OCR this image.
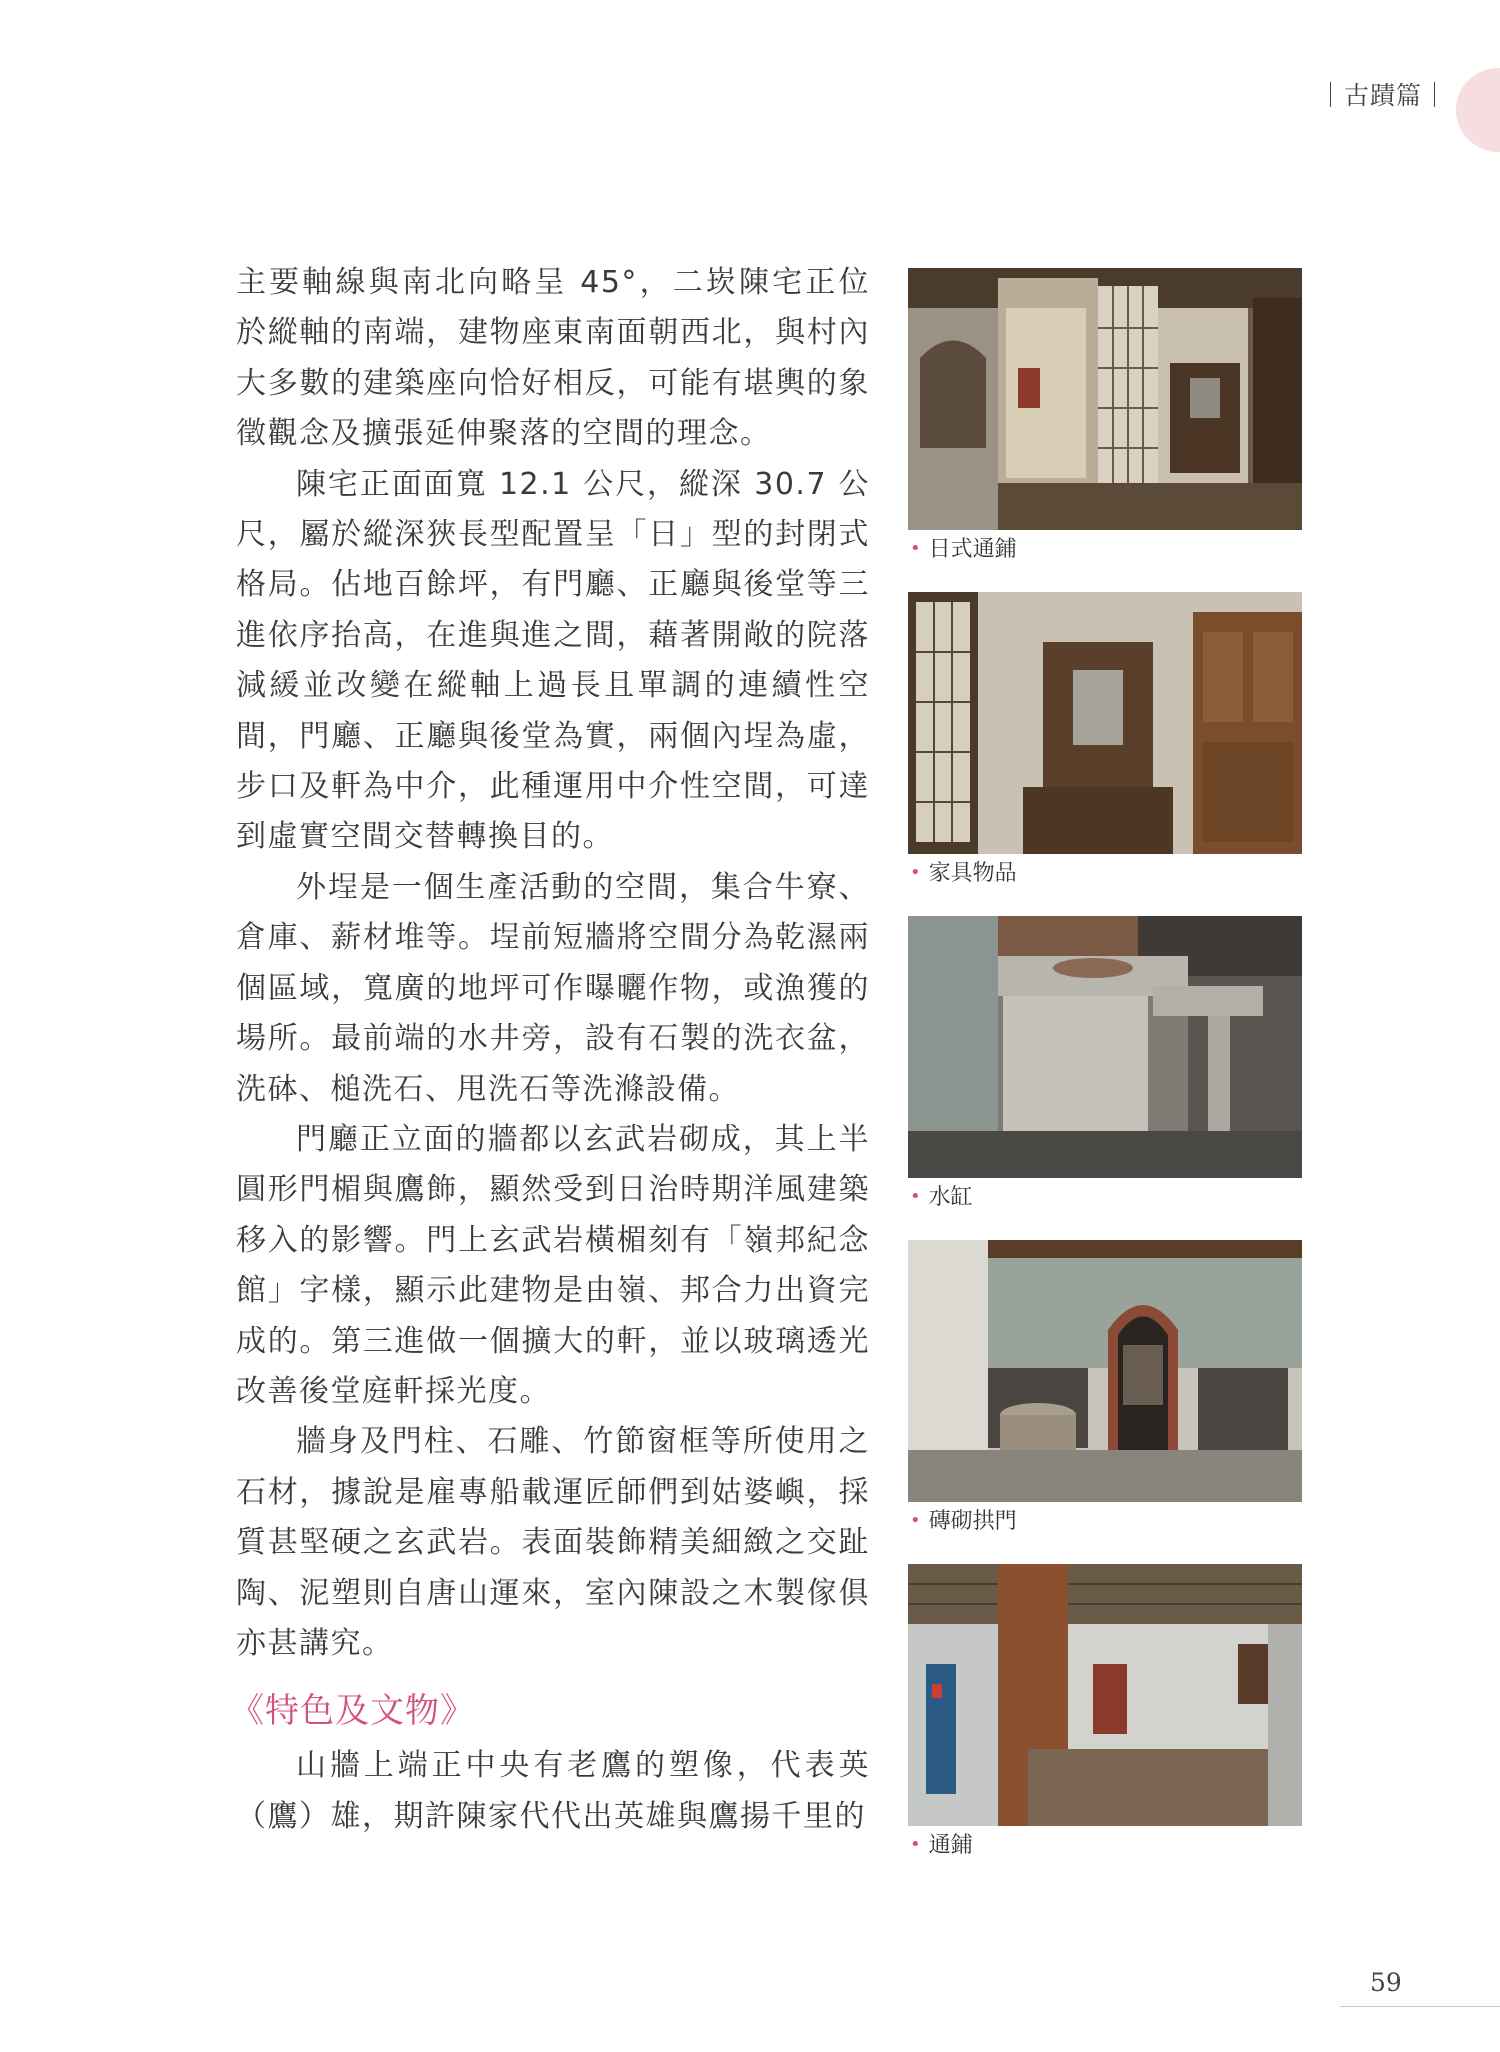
｜古蹟篇｜

主要軸線與南北向略呈 45°，二崁陳宅正位於縱軸的南端，建物座東南面朝西北，與村內大多數的建築座向恰好相反，可能有堪輿的象徵觀念及擴張延伸聚落的空間的理念。

陳宅正面面寬 12.1 公尺，縱深 30.7 公尺，屬於縱深狹長型配置呈「日」型的封閉式格局。佔地百餘坪，有門廳、正廳與後堂等三進依序抬高，在進與進之間，藉著開敞的院落減緩並改變在縱軸上過長且單調的連續性空間，門廳、正廳與後堂為實，兩個內埕為虛，步口及軒為中介，此種運用中介性空間，可達到虛實空間交替轉換目的。

外埕是一個生產活動的空間，集合牛寮、倉庫、薪材堆等。埕前短牆將空間分為乾濕兩個區域，寬廣的地坪可作曝曬作物，或漁獲的場所。最前端的水井旁，設有石製的洗衣盆，洗砵、槌洗石、甩洗石等洗滌設備。

門廳正立面的牆都以玄武岩砌成，其上半圓形門楣與鷹飾，顯然受到日治時期洋風建築移入的影響。門上玄武岩橫楣刻有「嶺邦紀念館」字樣，顯示此建物是由嶺、邦合力出資完成的。第三進做一個擴大的軒，並以玻璃透光改善後堂庭軒採光度。

牆身及門柱、石雕、竹節窗框等所使用之石材，據說是雇專船載運匠師們到姑婆嶼，採質甚堅硬之玄武岩。表面裝飾精美細緻之交趾陶、泥塑則自唐山運來，室內陳設之木製傢俱亦甚講究。

《特色及文物》

山牆上端正中央有老鷹的塑像，代表英（鷹）雄，期許陳家代代出英雄與鷹揚千里的

• 日式通鋪
• 家具物品
• 水缸
• 磚砌拱門
• 通鋪
59
